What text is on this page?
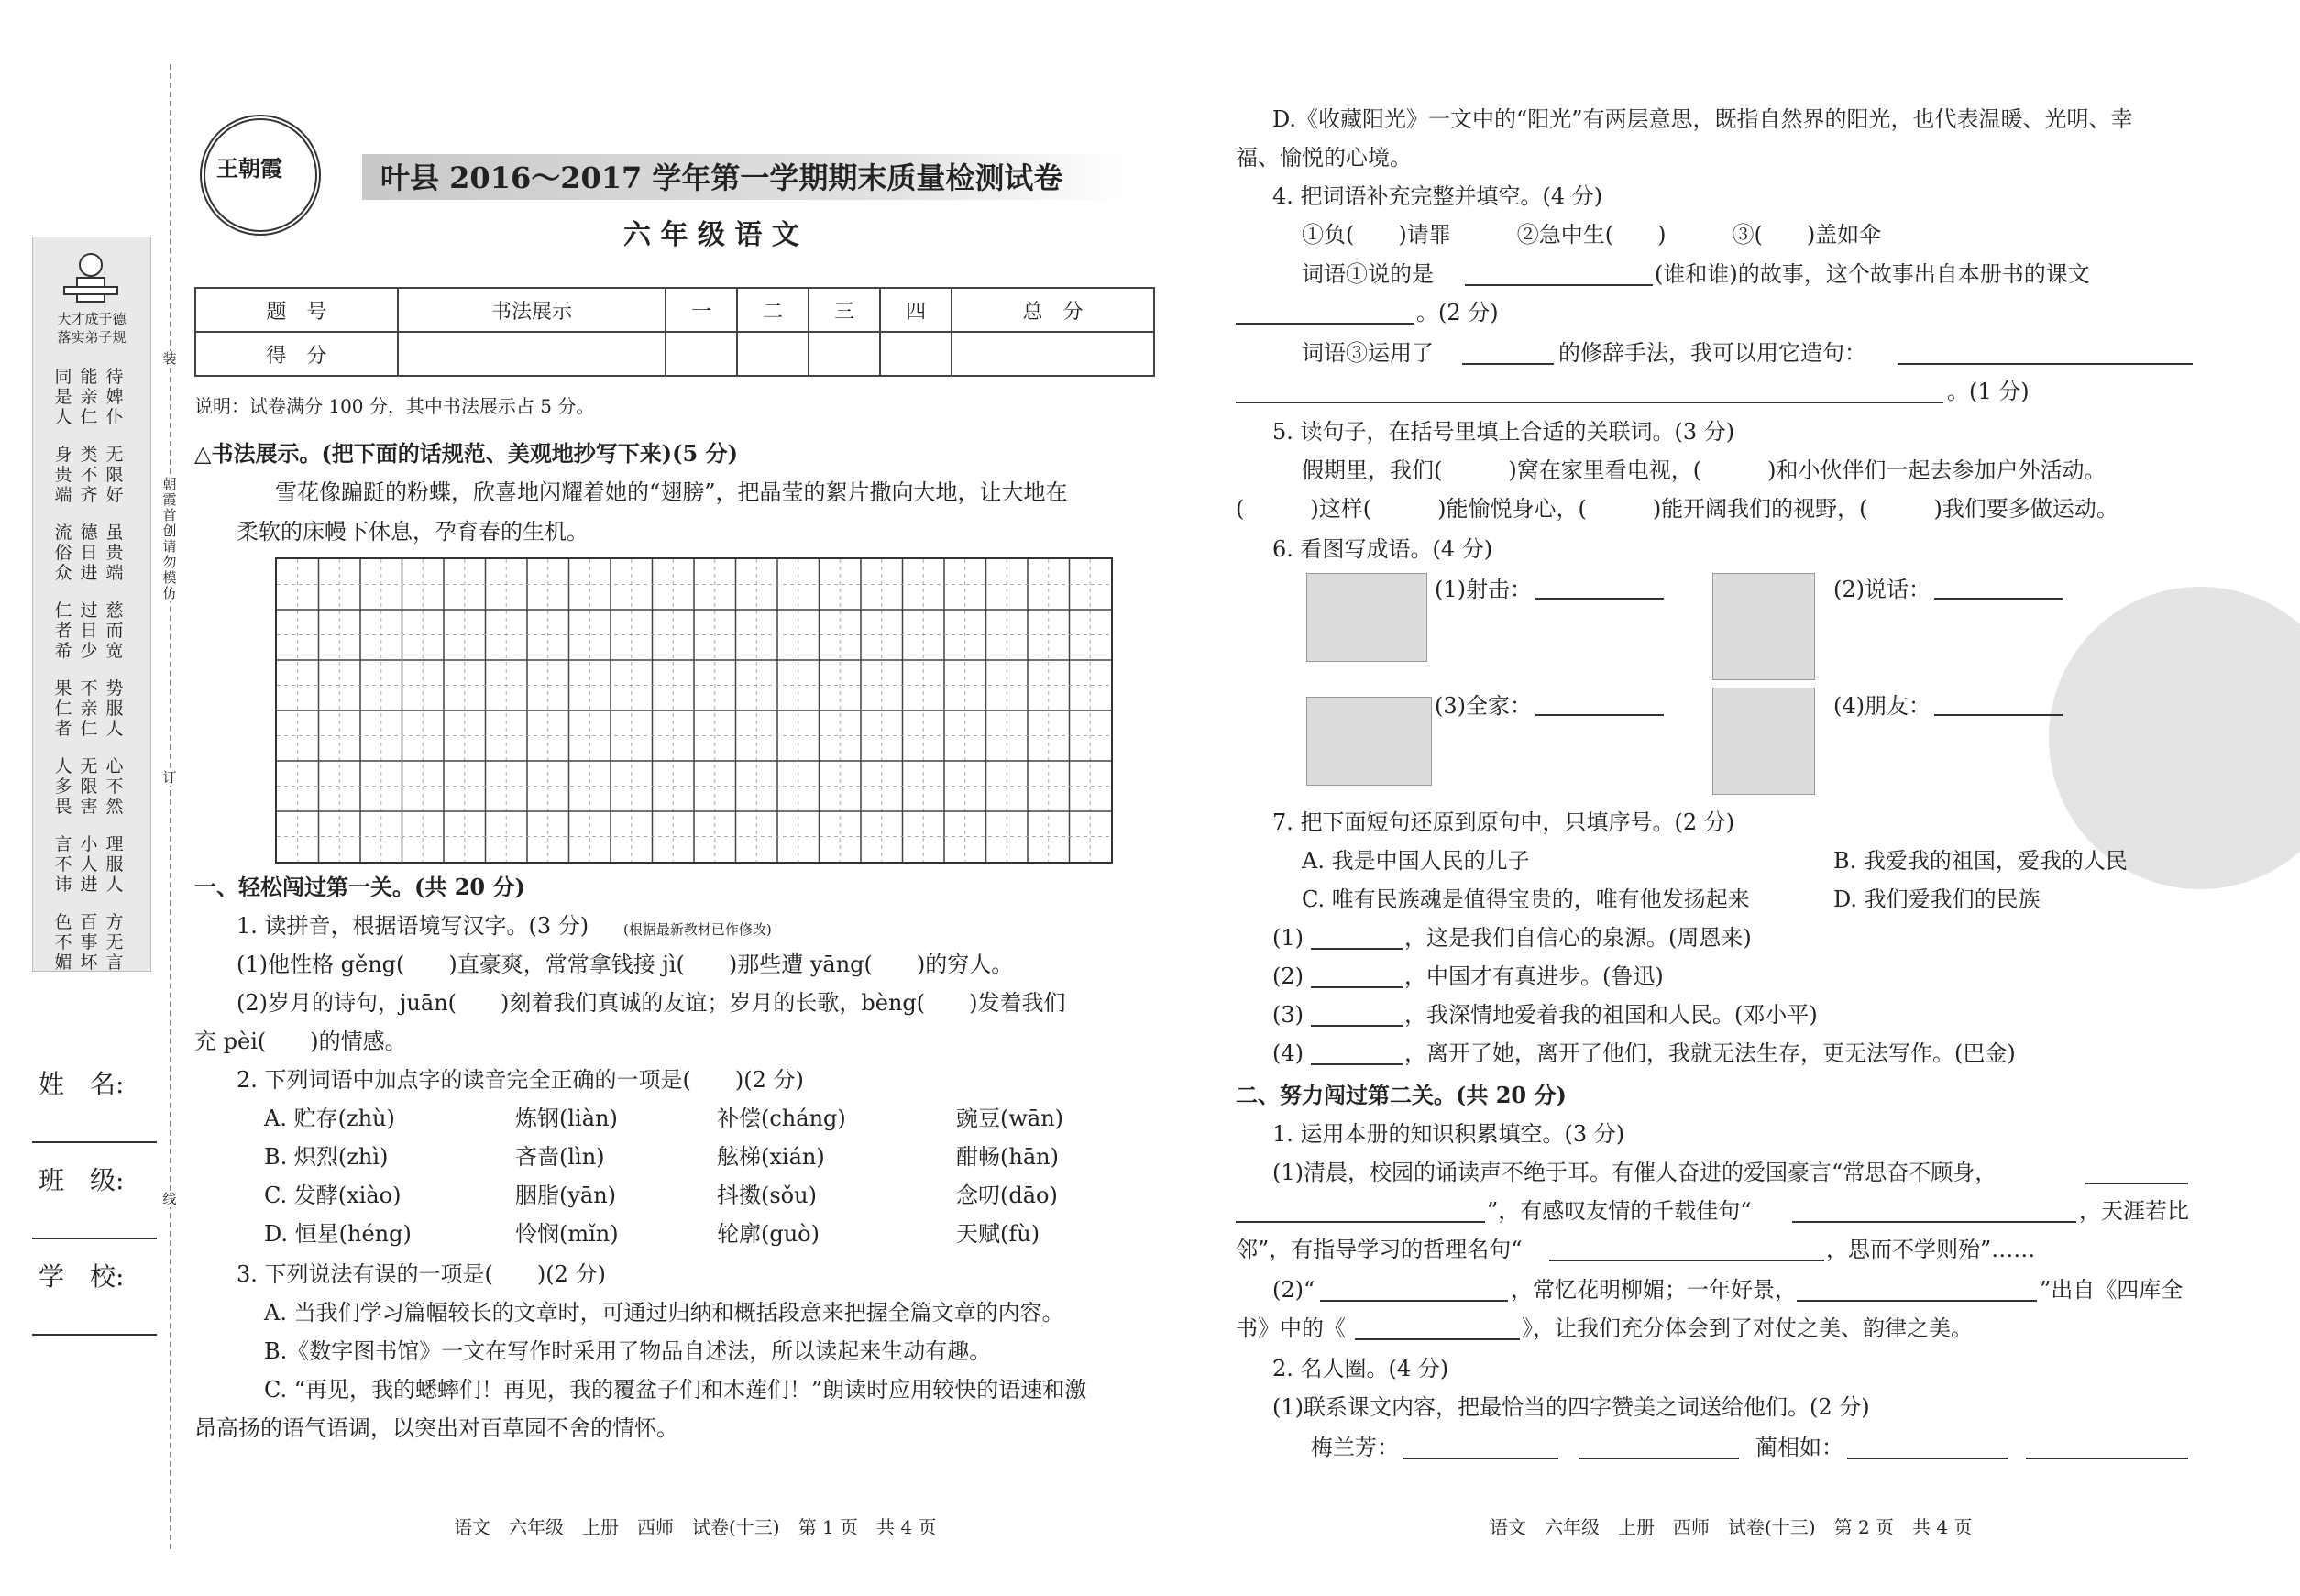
大才成于德
落实弟子规
同是人
能亲仁
待婢仆
身贵端
类不齐
无限好
流俗众
德日进
虽贵端
仁者希
过日少
慈而宽
果仁者
不亲仁
势服人
人多畏
无限害
心不然
言不讳
小人进
理服人
色不媚
百事坏
方无言
装
朝霞首创　请勿模仿
订
线
姓　名:
班　级:
学　校:
王朝霞	叶县 2016～2017 学年第一学期期末质量检测试卷
六 年 级 语 文
题　号	书法展示	一	二	三	四	总　分
得　分						
说明：试卷满分 100 分，其中书法展示占 5 分。
△书法展示。(把下面的话规范、美观地抄写下来)(5 分)
雪花像蹁跹的粉蝶，欣喜地闪耀着她的“翅膀”，把晶莹的絮片撒向大地，让大地在
柔软的床幔下休息，孕育春的生机。
一、轻松闯过第一关。(共 20 分)
1. 读拼音，根据语境写汉字。(3 分)	(根据最新教材已作修改)
(1)他性格 gěng(　　)直豪爽，常常拿钱接 jì(　　)那些遭 yāng(　　)的穷人。
(2)岁月的诗句，juān(　　)刻着我们真诚的友谊；岁月的长歌，bèng(　　)发着我们
充 pèi(　　)的情感。
2. 下列词语中加点字的读音完全正确的一项是(　　)(2 分)
A. 贮存(zhù)	炼钢(liàn)	补偿(cháng)	豌豆(wān)
B. 炽烈(zhì)	吝啬(lìn)	舷梯(xián)	酣畅(hān)
C. 发酵(xiào)	胭脂(yān)	抖擞(sǒu)	念叨(dāo)
D. 恒星(héng)	怜悯(mǐn)	轮廓(guò)	天赋(fù)
3. 下列说法有误的一项是(　　)(2 分)
A. 当我们学习篇幅较长的文章时，可通过归纳和概括段意来把握全篇文章的内容。
B.《数字图书馆》一文在写作时采用了物品自述法，所以读起来生动有趣。
C. “再见，我的蟋蟀们！再见，我的覆盆子们和木莲们！”朗读时应用较快的语速和激
昂高扬的语气语调，以突出对百草园不舍的情怀。
语文　六年级　上册　西师　试卷(十三)　第 1 页　共 4 页
D.《收藏阳光》一文中的“阳光”有两层意思，既指自然界的阳光，也代表温暖、光明、幸
福、愉悦的心境。
4. 把词语补充完整并填空。(4 分)
①负(　　)请罪　　　②急中生(　　)　　　③(　　)盖如伞
词语①说的是	(谁和谁)的故事，这个故事出自本册书的课文
。(2 分)
词语③运用了	的修辞手法，我可以用它造句：
。(1 分)
5. 读句子，在括号里填上合适的关联词。(3 分)
假期里，我们(　　　)窝在家里看电视，(　　　)和小伙伴们一起去参加户外活动。
(　　　)这样(　　　)能愉悦身心，(　　　)能开阔我们的视野，(　　　)我们要多做运动。
6. 看图写成语。(4 分)
(1)射击：	(2)说话：
(3)全家：	(4)朋友：
7. 把下面短句还原到原句中，只填序号。(2 分)
A. 我是中国人民的儿子	B. 我爱我的祖国，爱我的人民
C. 唯有民族魂是值得宝贵的，唯有他发扬起来	D. 我们爱我们的民族
(1)	，这是我们自信心的泉源。(周恩来)
(2)	，中国才有真进步。(鲁迅)
(3)	，我深情地爱着我的祖国和人民。(邓小平)
(4)	，离开了她，离开了他们，我就无法生存，更无法写作。(巴金)
二、努力闯过第二关。(共 20 分)
1. 运用本册的知识积累填空。(3 分)
(1)清晨，校园的诵读声不绝于耳。有催人奋进的爱国豪言“常思奋不顾身，
”，有感叹友情的千载佳句“	，天涯若比
邻”，有指导学习的哲理名句“	，思而不学则殆”……
(2)“	，常忆花明柳媚；一年好景，	”出自《四库全
书》中的《	》，让我们充分体会到了对仗之美、韵律之美。
2. 名人圈。(4 分)
(1)联系课文内容，把最恰当的四字赞美之词送给他们。(2 分)
梅兰芳：	蔺相如：
语文　六年级　上册　西师　试卷(十三)　第 2 页　共 4 页
